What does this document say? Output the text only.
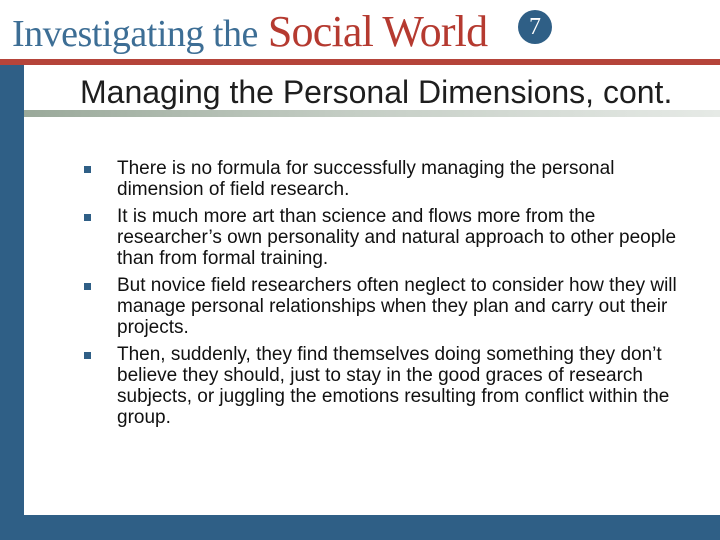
Investigating the Social World	7
Managing the Personal Dimensions, cont.
There is no formula for successfully managing the personal dimension of field research.
It is much more art than science and flows more from the researcher’s own personality and natural approach to other people than from formal training.
But novice field researchers often neglect to consider how they will manage personal relationships when they plan and carry out their projects.
Then, suddenly, they find themselves doing something they don’t believe they should, just to stay in the good graces of research subjects, or juggling the emotions resulting from conflict within the group.
